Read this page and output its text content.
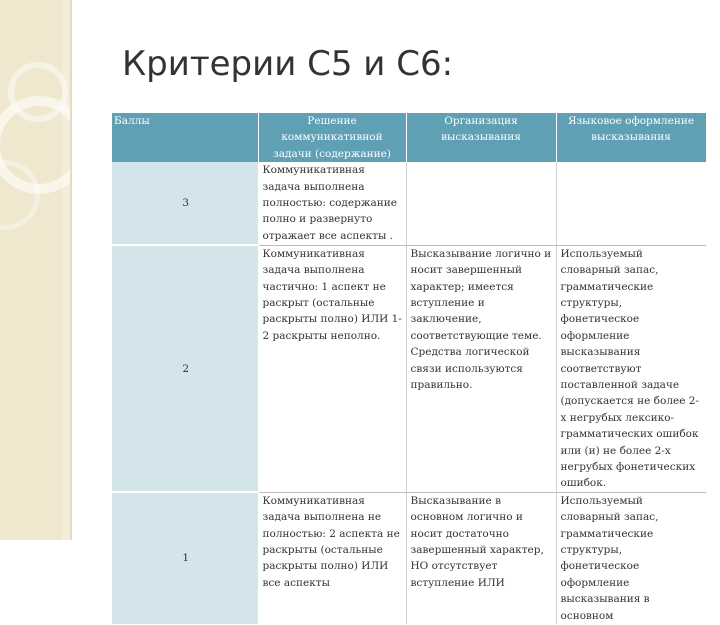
Критерии С5 и С6:
Баллы	Решение коммуникативной задачи (содержание)	Организация высказывания	Языковое оформление высказывания
3	Коммуникативная задача выполнена полностью: содержание полно и развернуто отражает все аспекты .		
2	Коммуникативная задача выполнена частично: 1 аспект не раскрыт (остальные раскрыты полно) ИЛИ 1-2 раскрыты неполно.	Высказывание логично и носит завершенный характер; имеется вступление и заключение, соответствующие теме. Средства логической связи используются правильно.	Используемый словарный запас, грамматические структуры, фонетическое оформление высказывания соответствуют поставленной задаче (допускается не более 2-х негрубых лексико-грамматических ошибок или (и) не более 2-х негрубых фонетических ошибок.
1	Коммуникативная задача выполнена не полностью: 2 аспекта не раскрыты (остальные раскрыты полно) ИЛИ все аспекты	Высказывание в основном логично и носит достаточно завершенный характер, НО отсутствует вступление ИЛИ	Используемый словарный запас, грамматические структуры, фонетическое оформление высказывания в основном
